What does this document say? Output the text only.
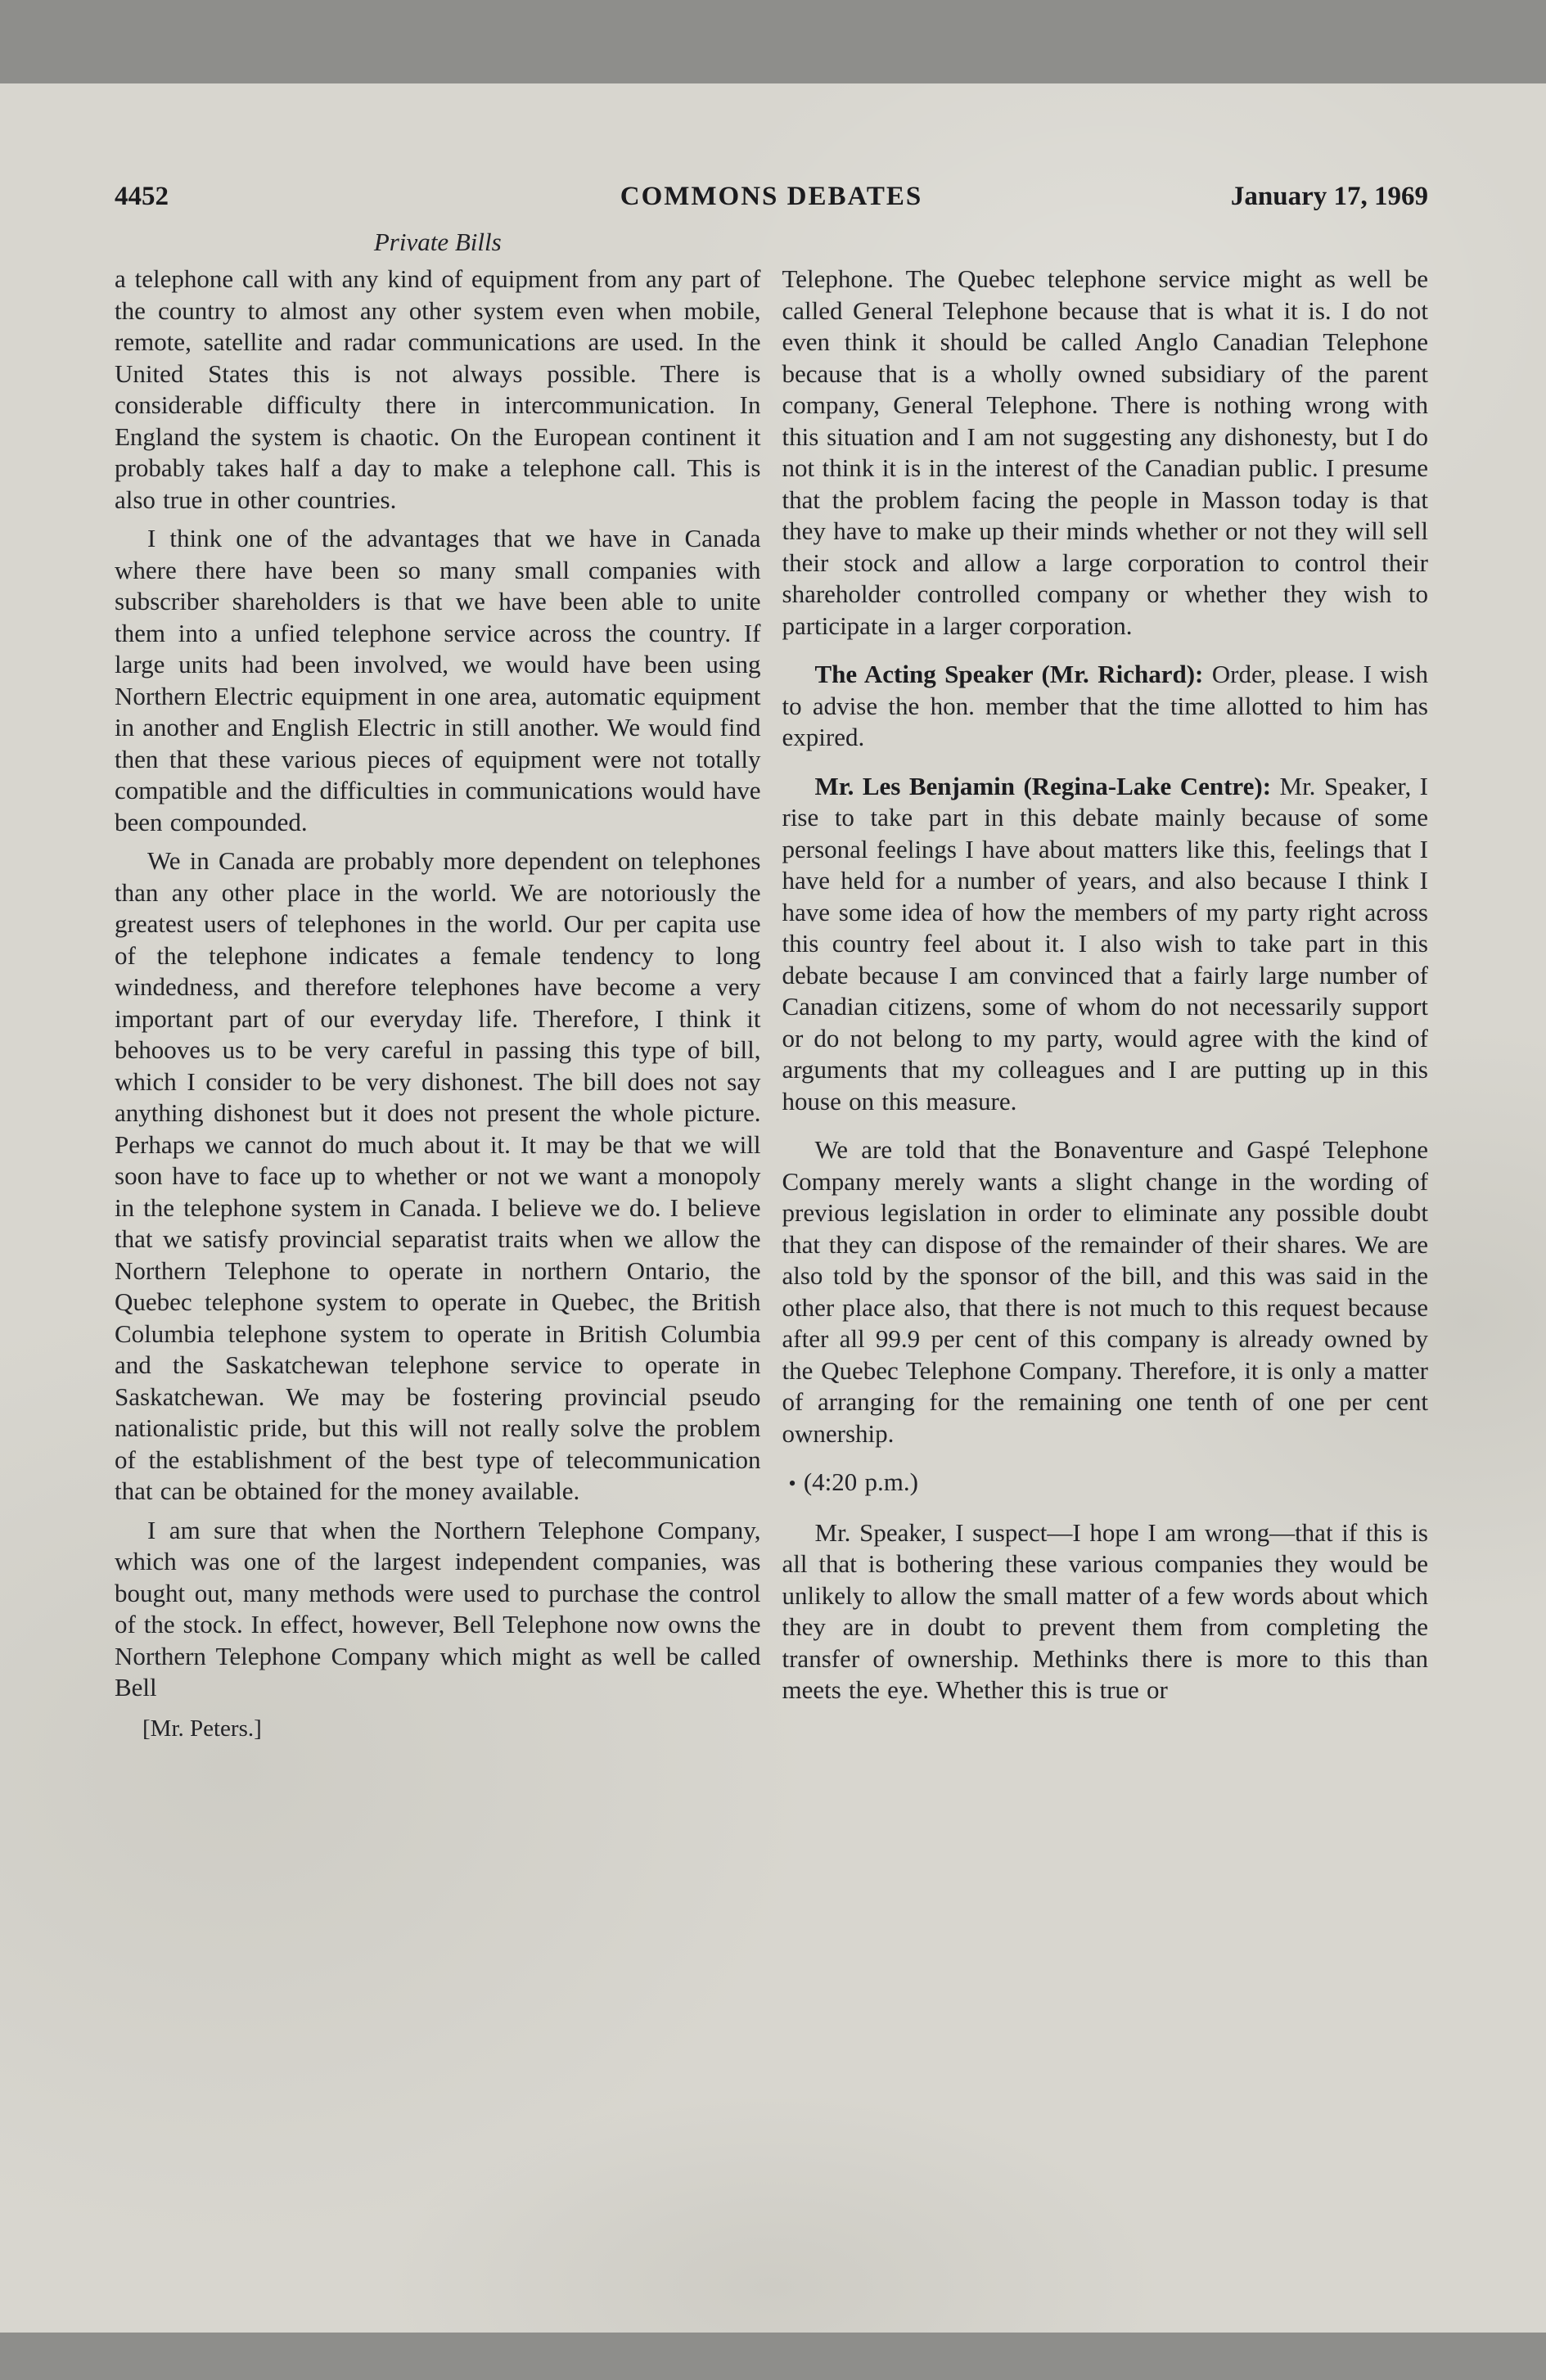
4452	COMMONS DEBATES	January 17, 1969
Private Bills

a telephone call with any kind of equipment from any part of the country to almost any other system even when mobile, remote, satellite and radar communications are used. In the United States this is not always possible. There is considerable difficulty there in intercommunication. In England the system is chaotic. On the European continent it probably takes half a day to make a telephone call. This is also true in other countries.

I think one of the advantages that we have in Canada where there have been so many small companies with subscriber shareholders is that we have been able to unite them into a unfied telephone service across the country. If large units had been involved, we would have been using Northern Electric equipment in one area, automatic equipment in another and English Electric in still another. We would find then that these various pieces of equipment were not totally compatible and the difficulties in communications would have been compounded.

We in Canada are probably more dependent on telephones than any other place in the world. We are notoriously the greatest users of telephones in the world. Our per capita use of the telephone indicates a female tendency to long windedness, and therefore telephones have become a very important part of our everyday life. Therefore, I think it behooves us to be very careful in passing this type of bill, which I consider to be very dishonest. The bill does not say anything dishonest but it does not present the whole picture. Perhaps we cannot do much about it. It may be that we will soon have to face up to whether or not we want a monopoly in the telephone system in Canada. I believe we do. I believe that we satisfy provincial separatist traits when we allow the Northern Telephone to operate in northern Ontario, the Quebec telephone system to operate in Quebec, the British Columbia telephone system to operate in British Columbia and the Saskatchewan telephone service to operate in Saskatchewan. We may be fostering provincial pseudo nationalistic pride, but this will not really solve the problem of the establishment of the best type of telecommunication that can be obtained for the money available.

I am sure that when the Northern Telephone Company, which was one of the largest independent companies, was bought out, many methods were used to purchase the control of the stock. In effect, however, Bell Telephone now owns the Northern Telephone Company which might as well be called Bell

[Mr. Peters.]

Telephone. The Quebec telephone service might as well be called General Telephone because that is what it is. I do not even think it should be called Anglo Canadian Telephone because that is a wholly owned subsidiary of the parent company, General Telephone. There is nothing wrong with this situation and I am not suggesting any dishonesty, but I do not think it is in the interest of the Canadian public. I presume that the problem facing the people in Masson today is that they have to make up their minds whether or not they will sell their stock and allow a large corporation to control their shareholder controlled company or whether they wish to participate in a larger corporation.

The Acting Speaker (Mr. Richard): Order, please. I wish to advise the hon. member that the time allotted to him has expired.

Mr. Les Benjamin (Regina-Lake Centre): Mr. Speaker, I rise to take part in this debate mainly because of some personal feelings I have about matters like this, feelings that I have held for a number of years, and also because I think I have some idea of how the members of my party right across this country feel about it. I also wish to take part in this debate because I am convinced that a fairly large number of Canadian citizens, some of whom do not necessarily support or do not belong to my party, would agree with the kind of arguments that my colleagues and I are putting up in this house on this measure.

We are told that the Bonaventure and Gaspé Telephone Company merely wants a slight change in the wording of previous legislation in order to eliminate any possible doubt that they can dispose of the remainder of their shares. We are also told by the sponsor of the bill, and this was said in the other place also, that there is not much to this request because after all 99.9 per cent of this company is already owned by the Quebec Telephone Company. Therefore, it is only a matter of arranging for the remaining one tenth of one per cent ownership.

• (4:20 p.m.)

Mr. Speaker, I suspect—I hope I am wrong—that if this is all that is bothering these various companies they would be unlikely to allow the small matter of a few words about which they are in doubt to prevent them from completing the transfer of ownership. Methinks there is more to this than meets the eye. Whether this is true or
